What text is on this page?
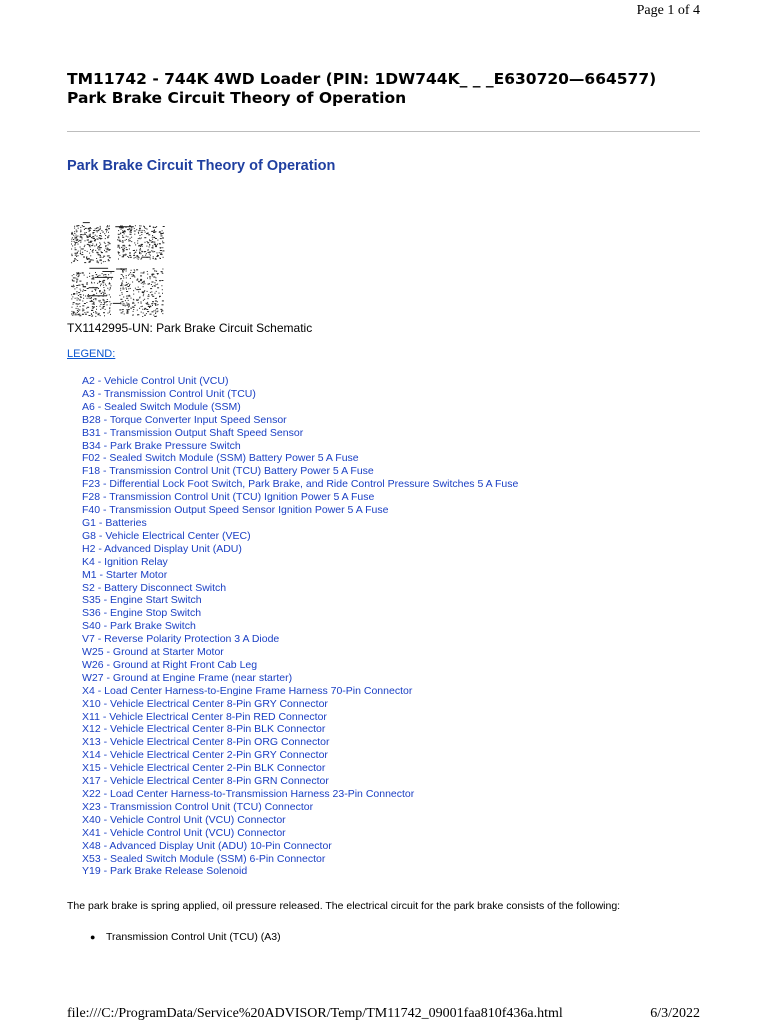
Page 1 of 4
TM11742 - 744K 4WD Loader (PIN: 1DW744K_ _ _E630720—664577)
Park Brake Circuit Theory of Operation
Park Brake Circuit Theory of Operation
TX1142995-UN: Park Brake Circuit Schematic
LEGEND:
A2 - Vehicle Control Unit (VCU)
A3 - Transmission Control Unit (TCU)
A6 - Sealed Switch Module (SSM)
B28 - Torque Converter Input Speed Sensor
B31 - Transmission Output Shaft Speed Sensor
B34 - Park Brake Pressure Switch
F02 - Sealed Switch Module (SSM) Battery Power 5 A Fuse
F18 - Transmission Control Unit (TCU) Battery Power 5 A Fuse
F23 - Differential Lock Foot Switch, Park Brake, and Ride Control Pressure Switches 5 A Fuse
F28 - Transmission Control Unit (TCU) Ignition Power 5 A Fuse
F40 - Transmission Output Speed Sensor Ignition Power 5 A Fuse
G1 - Batteries
G8 - Vehicle Electrical Center (VEC)
H2 - Advanced Display Unit (ADU)
K4 - Ignition Relay
M1 - Starter Motor
S2 - Battery Disconnect Switch
S35 - Engine Start Switch
S36 - Engine Stop Switch
S40 - Park Brake Switch
V7 - Reverse Polarity Protection 3 A Diode
W25 - Ground at Starter Motor
W26 - Ground at Right Front Cab Leg
W27 - Ground at Engine Frame (near starter)
X4 - Load Center Harness-to-Engine Frame Harness 70-Pin Connector
X10 - Vehicle Electrical Center 8-Pin GRY Connector
X11 - Vehicle Electrical Center 8-Pin RED Connector
X12 - Vehicle Electrical Center 8-Pin BLK Connector
X13 - Vehicle Electrical Center 8-Pin ORG Connector
X14 - Vehicle Electrical Center 2-Pin GRY Connector
X15 - Vehicle Electrical Center 2-Pin BLK Connector
X17 - Vehicle Electrical Center 8-Pin GRN Connector
X22 - Load Center Harness-to-Transmission Harness 23-Pin Connector
X23 - Transmission Control Unit (TCU) Connector
X40 - Vehicle Control Unit (VCU) Connector
X41 - Vehicle Control Unit (VCU) Connector
X48 - Advanced Display Unit (ADU) 10-Pin Connector
X53 - Sealed Switch Module (SSM) 6-Pin Connector
Y19 - Park Brake Release Solenoid
The park brake is spring applied, oil pressure released. The electrical circuit for the park brake consists of the following:
● Transmission Control Unit (TCU) (A3)
file:///C:/ProgramData/Service%20ADVISOR/Temp/TM11742_09001faa810f436a.html	6/3/2022
